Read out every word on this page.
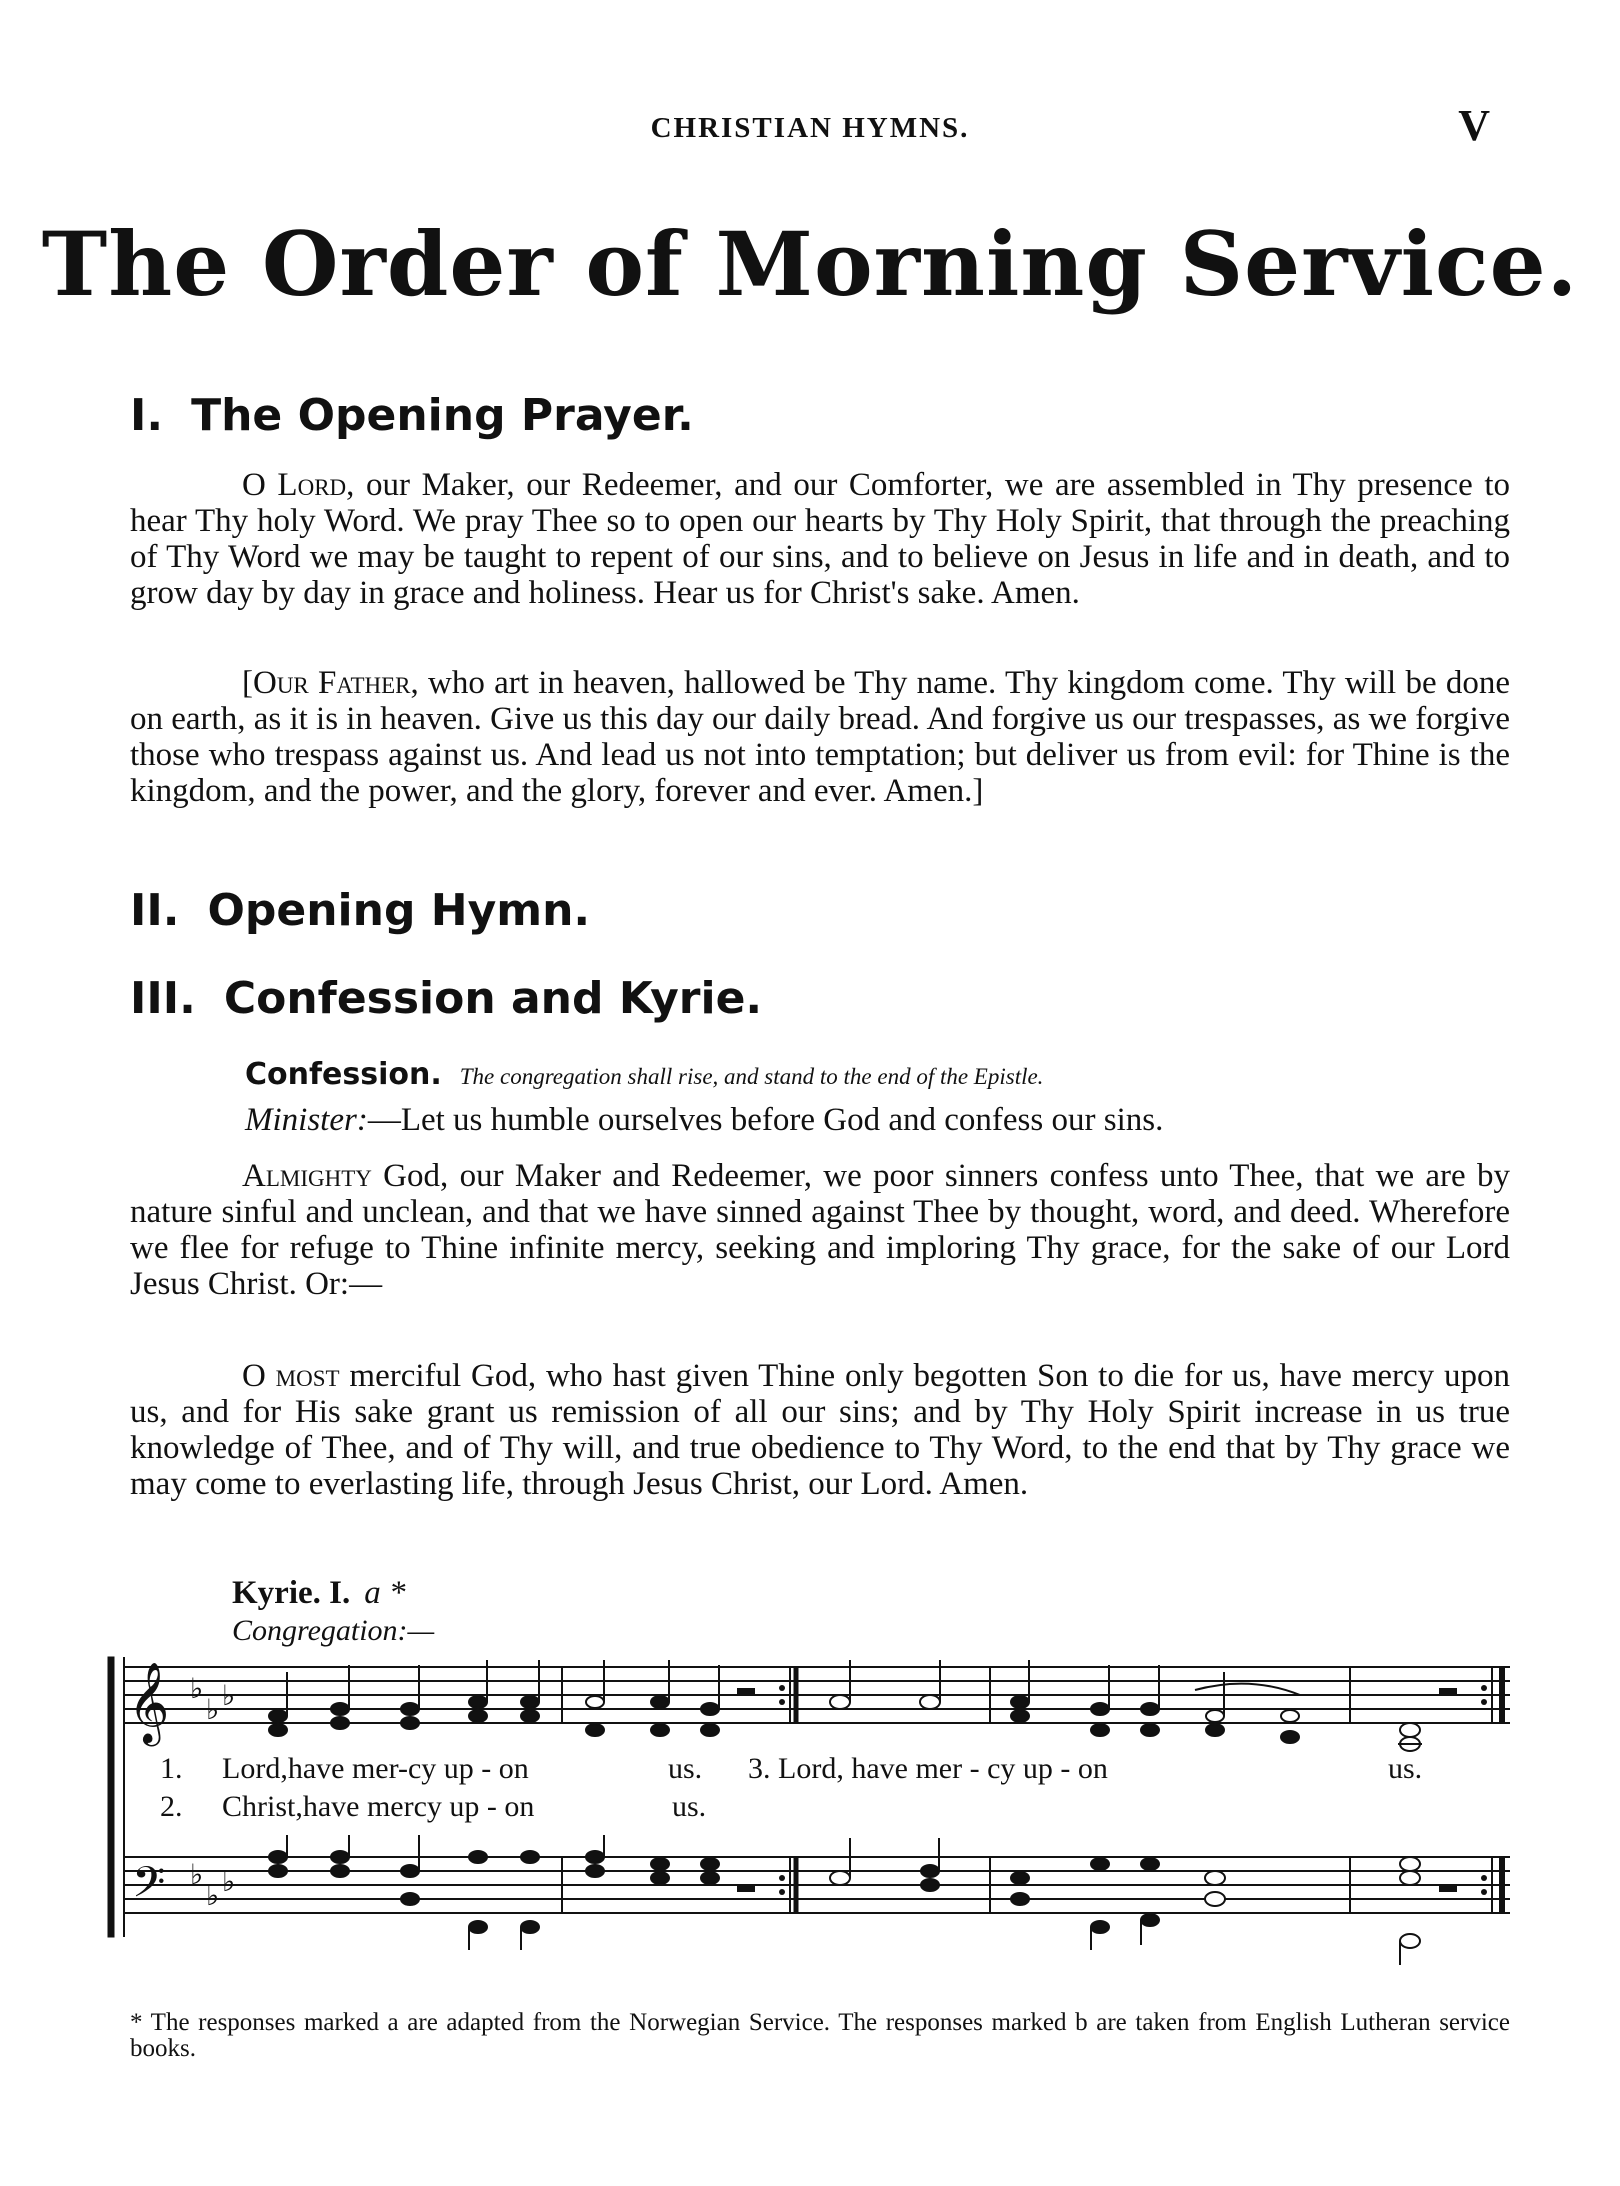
CHRISTIAN HYMNS.	V
The Order of Morning Service.
I. The Opening Prayer.
O Lord, our Maker, our Redeemer, and our Comforter, we are assembled in Thy presence to hear Thy holy Word. We pray Thee so to open our hearts by Thy Holy Spirit, that through the preaching of Thy Word we may be taught to repent of our sins, and to believe on Jesus in life and in death, and to grow day by day in grace and holiness. Hear us for Christ's sake. Amen.
[Our Father, who art in heaven, hallowed be Thy name. Thy kingdom come. Thy will be done on earth, as it is in heaven. Give us this day our daily bread. And forgive us our trespasses, as we forgive those who trespass against us. And lead us not into temptation; but deliver us from evil: for Thine is the kingdom, and the power, and the glory, forever and ever. Amen.]
II. Opening Hymn.
III. Confession and Kyrie.
Confession. The congregation shall rise, and stand to the end of the Epistle.
Minister:—Let us humble ourselves before God and confess our sins.
Almighty God, our Maker and Redeemer, we poor sinners confess unto Thee, that we are by nature sinful and unclean, and that we have sinned against Thee by thought, word, and deed. Wherefore we flee for refuge to Thine infinite mercy, seeking and imploring Thy grace, for the sake of our Lord Jesus Christ. Or:—
O most merciful God, who hast given Thine only begotten Son to die for us, have mercy upon us, and for His sake grant us remission of all our sins; and by Thy Holy Spirit increase in us true knowledge of Thee, and of Thy will, and true obedience to Thy Word, to the end that by Thy grace we may come to everlasting life, through Jesus Christ, our Lord. Amen.
Kyrie. I. a *
Congregation:—
𝄞
𝄢
♭
♭ ♭
♭
♭ ♭
1. Lord,have mer-cy up - on	us. 3. Lord, have mer - cy up - on	us.
2. Christ,have mercy up - on	us.
* The responses marked a are adapted from the Norwegian Service. The responses marked b are taken from English Lutheran service books.
